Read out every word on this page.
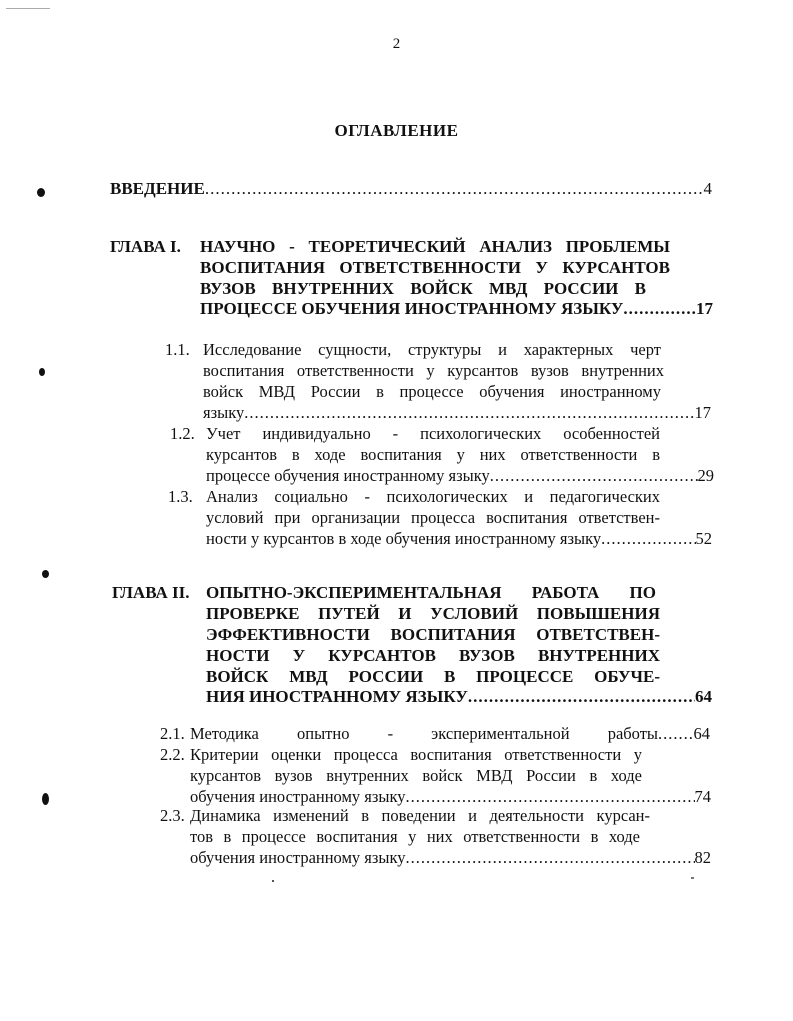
2
ОГЛАВЛЕНИЕ
ВВЕДЕНИЕ .....	4
ГЛАВА I. НАУЧНО - ТЕОРЕТИЧЕСКИЙ АНАЛИЗ ПРОБЛЕМЫ
ВОСПИТАНИЯ ОТВЕТСТВЕННОСТИ У КУРСАНТОВ
ВУЗОВ ВНУТРЕННИХ ВОЙСК МВД РОССИИ В
ПРОЦЕССЕ ОБУЧЕНИЯ ИНОСТРАННОМУ ЯЗЫКУ .....	17
1.1. Исследование сущности, структуры и характерных черт
воспитания ответственности у курсантов вузов внутренних
войск МВД России в процессе обучения иностранному
языку .....	17
1.2. Учет индивидуально - психологических особенностей
курсантов в ходе воспитания у них ответственности в
процессе обучения иностранному языку .....	29
1.3. Анализ социально - психологических и педагогических
условий при организации процесса воспитания ответствен-
ности у курсантов в ходе обучения иностранному языку .....	52
ГЛАВА II. ОПЫТНО-ЭКСПЕРИМЕНТАЛЬНАЯ РАБОТА ПО
ПРОВЕРКЕ ПУТЕЙ И УСЛОВИЙ ПОВЫШЕНИЯ
ЭФФЕКТИВНОСТИ ВОСПИТАНИЯ ОТВЕТСТВЕН-
НОСТИ У КУРСАНТОВ ВУЗОВ ВНУТРЕННИХ
ВОЙСК МВД РОССИИ В ПРОЦЕССЕ ОБУЧЕ-
НИЯ ИНОСТРАННОМУ ЯЗЫКУ .....	64
2.1. Методика опытно - экспериментальной работы ..... 64
2.2. Критерии оценки процесса воспитания ответственности у
курсантов вузов внутренних войск МВД России в ходе
обучения иностранному языку .....	74
2.3. Динамика изменений в поведении и деятельности курсан-
тов в процессе воспитания у них ответственности в ходе
обучения иностранному языку .....	82
